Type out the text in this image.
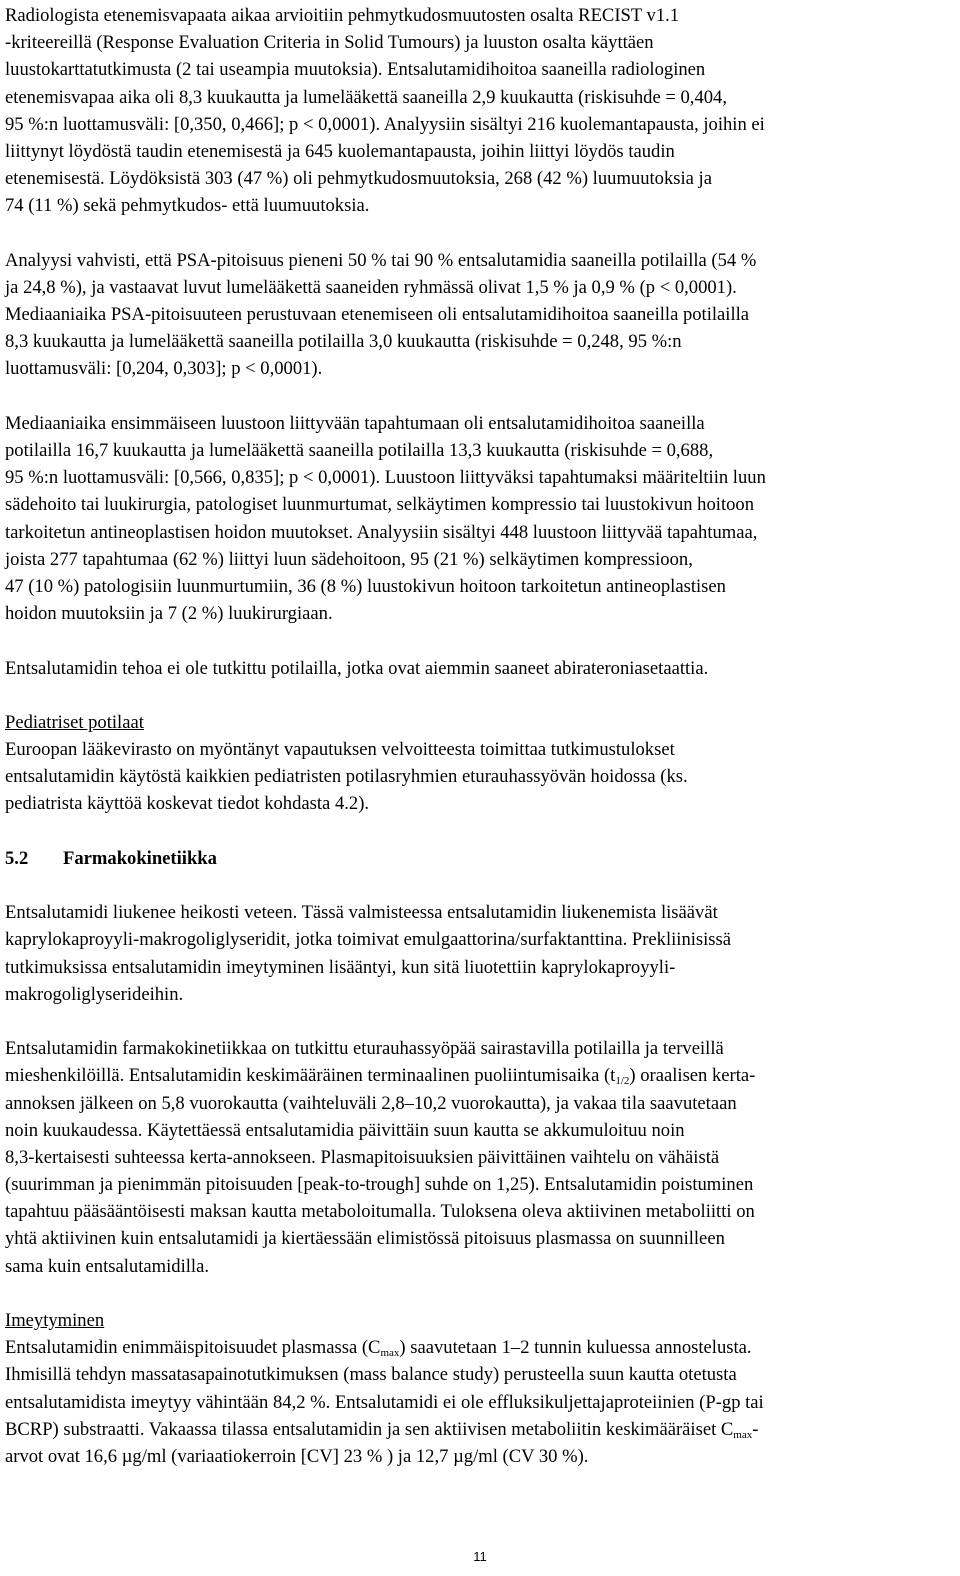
Radiologista etenemisvapaata aikaa arvioitiin pehmytkudosmuutosten osalta RECIST v1.1
-kriteereillä (Response Evaluation Criteria in Solid Tumours) ja luuston osalta käyttäen
luustokarttatutkimusta (2 tai useampia muutoksia). Entsalutamidihoitoa saaneilla radiologinen
etenemisvapaa aika oli 8,3 kuukautta ja lumelääkettä saaneilla 2,9 kuukautta (riskisuhde = 0,404,
95 %:n luottamusväli: [0,350, 0,466]; p < 0,0001). Analyysiin sisältyi 216 kuolemantapausta, joihin ei
liittynyt löydöstä taudin etenemisestä ja 645 kuolemantapausta, joihin liittyi löydös taudin
etenemisestä. Löydöksistä 303 (47 %) oli pehmytkudosmuutoksia, 268 (42 %) luumuutoksia ja
74 (11 %) sekä pehmytkudos- että luumuutoksia.

Analyysi vahvisti, että PSA-pitoisuus pieneni 50 % tai 90 % entsalutamidia saaneilla potilailla (54 %
ja 24,8 %), ja vastaavat luvut lumelääkettä saaneiden ryhmässä olivat 1,5 % ja 0,9 % (p < 0,0001).
Mediaaniaika PSA-pitoisuuteen perustuvaan etenemiseen oli entsalutamidihoitoa saaneilla potilailla
8,3 kuukautta ja lumelääkettä saaneilla potilailla 3,0 kuukautta (riskisuhde = 0,248, 95 %:n
luottamusväli: [0,204, 0,303]; p < 0,0001).

Mediaaniaika ensimmäiseen luustoon liittyvään tapahtumaan oli entsalutamidihoitoa saaneilla
potilailla 16,7 kuukautta ja lumelääkettä saaneilla potilailla 13,3 kuukautta (riskisuhde = 0,688,
95 %:n luottamusväli: [0,566, 0,835]; p < 0,0001). Luustoon liittyväksi tapahtumaksi määriteltiin luun
sädehoito tai luukirurgia, patologiset luunmurtumat, selkäytimen kompressio tai luustokivun hoitoon
tarkoitetun antineoplastisen hoidon muutokset. Analyysiin sisältyi 448 luustoon liittyvää tapahtumaa,
joista 277 tapahtumaa (62 %) liittyi luun sädehoitoon, 95 (21 %) selkäytimen kompressioon,
47 (10 %) patologisiin luunmurtumiin, 36 (8 %) luustokivun hoitoon tarkoitetun antineoplastisen
hoidon muutoksiin ja 7 (2 %) luukirurgiaan.

Entsalutamidin tehoa ei ole tutkittu potilailla, jotka ovat aiemmin saaneet abirateroniasetaattia.

Pediatriset potilaat
Euroopan lääkevirasto on myöntänyt vapautuksen velvoitteesta toimittaa tutkimustulokset
entsalutamidin käytöstä kaikkien pediatristen potilasryhmien eturauhassyövän hoidossa (ks.
pediatrista käyttöä koskevat tiedot kohdasta 4.2).

5.2 Farmakokinetiikka

Entsalutamidi liukenee heikosti veteen. Tässä valmisteessa entsalutamidin liukenemista lisäävät
kaprylokaproyyli-makrogoliglyseridit, jotka toimivat emulgaattorina/surfaktanttina. Prekliinisissä
tutkimuksissa entsalutamidin imeytyminen lisääntyi, kun sitä liuotettiin kaprylokaproyyli-
makrogoliglyserideihin.

Entsalutamidin farmakokinetiikkaa on tutkittu eturauhassyöpää sairastavilla potilailla ja terveillä
mieshenkilöillä. Entsalutamidin keskimääräinen terminaalinen puoliintumisaika $(t_{1/2})$ oraalisen kerta-
annoksen jälkeen on 5,8 vuorokautta (vaihteluväli 2,8–10,2 vuorokautta), ja vakaa tila saavutetaan
noin kuukaudessa. Käytettäessä entsalutamidia päivittäin suun kautta se akkumuloituu noin
8,3-kertaisesti suhteessa kerta-annokseen. Plasmapitoisuuksien päivittäinen vaihtelu on vähäistä
(suurimman ja pienimmän pitoisuuden [peak-to-trough] suhde on 1,25). Entsalutamidin poistuminen
tapahtuu pääsääntöisesti maksan kautta metaboloitumalla. Tuloksena oleva aktiivinen metaboliitti on
yhtä aktiivinen kuin entsalutamidi ja kiertäessään elimistössä pitoisuus plasmassa on suunnilleen
sama kuin entsalutamidilla.

Imeytyminen
Entsalutamidin enimmäispitoisuudet plasmassa $(C_{max})$ saavutetaan 1–2 tunnin kuluessa annostelusta.
Ihmisillä tehdyn massatasapainotutkimuksen (mass balance study) perusteella suun kautta otetusta
entsalutamidista imeytyy vähintään 84,2 %. Entsalutamidi ei ole effluksikuljettajaproteiinien (P-gp tai
BCRP) substraatti. Vakaassa tilassa entsalutamidin ja sen aktiivisen metaboliitin keskimääräiset $C_{max}-$
arvot ovat 16,6 µg/ml (variaatiokerroin [CV] 23 % ) ja 12,7 µg/ml (CV 30 %).

11
